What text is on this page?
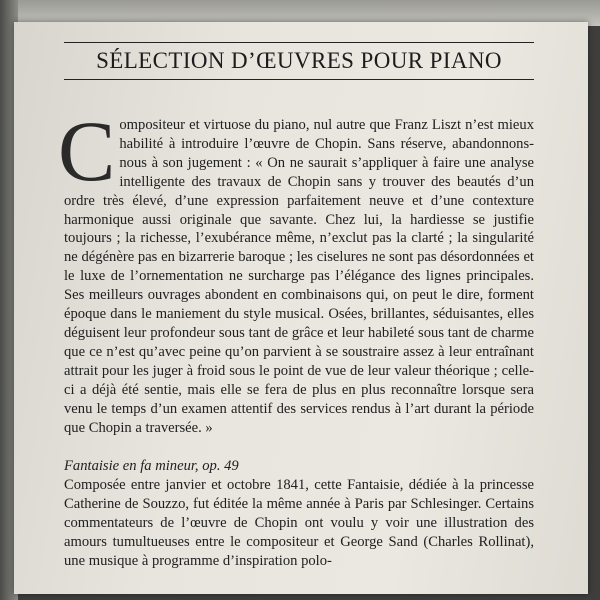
SÉLECTION D’ŒUVRES POUR PIANO
Compositeur et virtuose du piano, nul autre que Franz Liszt n’est mieux habilité à introduire l’œuvre de Chopin. Sans réserve, abandonnons-nous à son jugement : « On ne saurait s’appliquer à faire une analyse intelligente des travaux de Chopin sans y trouver des beautés d’un ordre très élevé, d’une expression parfaitement neuve et d’une contexture harmonique aussi originale que savante. Chez lui, la hardiesse se justifie toujours ; la richesse, l’exubérance même, n’exclut pas la clarté ; la singularité ne dégénère pas en bizarrerie baroque ; les ciselures ne sont pas désordonnées et le luxe de l’ornementation ne surcharge pas l’élégance des lignes principales. Ses meilleurs ouvrages abondent en combinaisons qui, on peut le dire, forment époque dans le maniement du style musical. Osées, brillantes, séduisantes, elles déguisent leur profondeur sous tant de grâce et leur habileté sous tant de charme que ce n’est qu’avec peine qu’on parvient à se soustraire assez à leur entraînant attrait pour les juger à froid sous le point de vue de leur valeur théorique ; celle-ci a déjà été sentie, mais elle se fera de plus en plus reconnaître lorsque sera venu le temps d’un examen attentif des services rendus à l’art durant la période que Chopin a traversée. »
Fantaisie en fa mineur, op. 49
Composée entre janvier et octobre 1841, cette Fantaisie, dédiée à la princesse Catherine de Souzzo, fut éditée la même année à Paris par Schlesinger. Certains commentateurs de l’œuvre de Chopin ont voulu y voir une illustration des amours tumultueuses entre le compositeur et George Sand (Charles Rollinat), une musique à programme d’inspiration polo-
